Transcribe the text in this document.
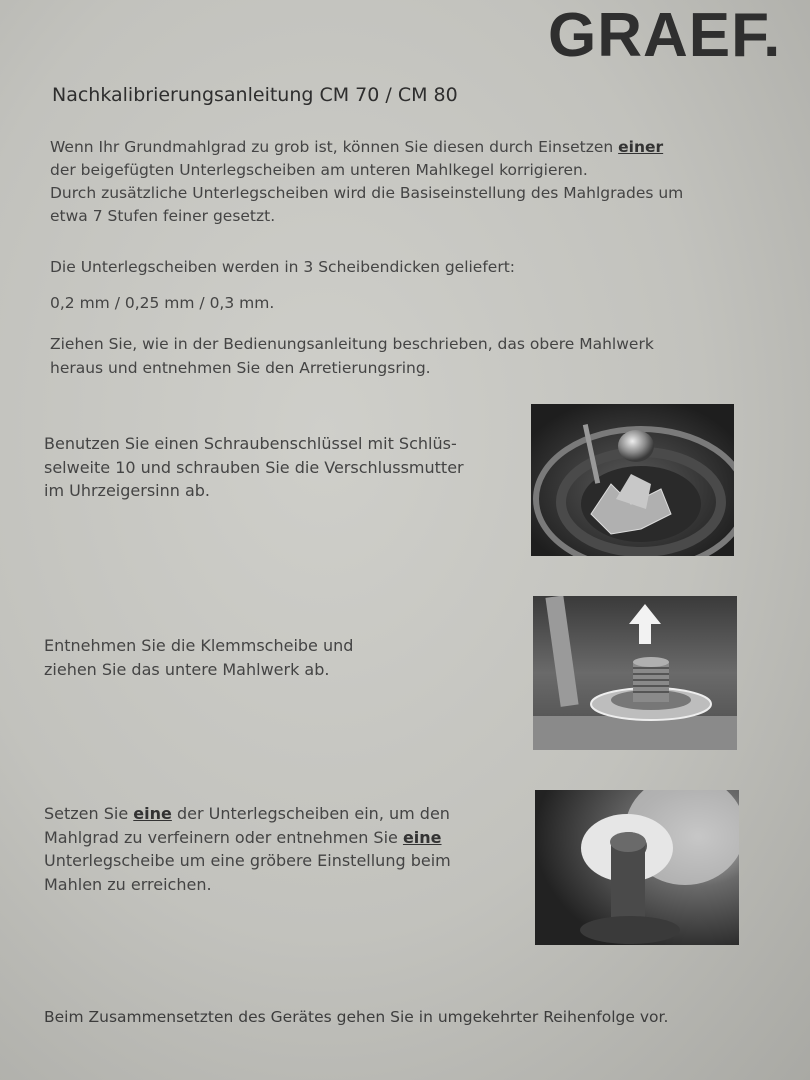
GRAEF.
Nachkalibrierungsanleitung CM 70 / CM 80
Wenn Ihr Grundmahlgrad zu grob ist, können Sie diesen durch Einsetzen einer
der beigefügten Unterlegscheiben am unteren Mahlkegel korrigieren.
Durch zusätzliche Unterlegscheiben wird die Basiseinstellung des Mahlgrades um
etwa 7 Stufen feiner gesetzt.
Die Unterlegscheiben werden in 3 Scheibendicken geliefert:
0,2 mm / 0,25 mm / 0,3 mm.
Ziehen Sie, wie in der Bedienungsanleitung beschrieben, das obere Mahlwerk
heraus und entnehmen Sie den Arretierungsring.
Benutzen Sie einen Schraubenschlüssel mit Schlüs-
selweite 10 und schrauben Sie die Verschlussmutter
im Uhrzeigersinn ab.
Entnehmen Sie die Klemmscheibe und
ziehen Sie das untere Mahlwerk ab.
Setzen Sie eine der Unterlegscheiben ein, um den
Mahlgrad zu verfeinern oder entnehmen Sie eine
Unterlegscheibe um eine gröbere Einstellung beim
Mahlen zu erreichen.
Beim Zusammensetzten des Gerätes gehen Sie in umgekehrter Reihenfolge vor.
